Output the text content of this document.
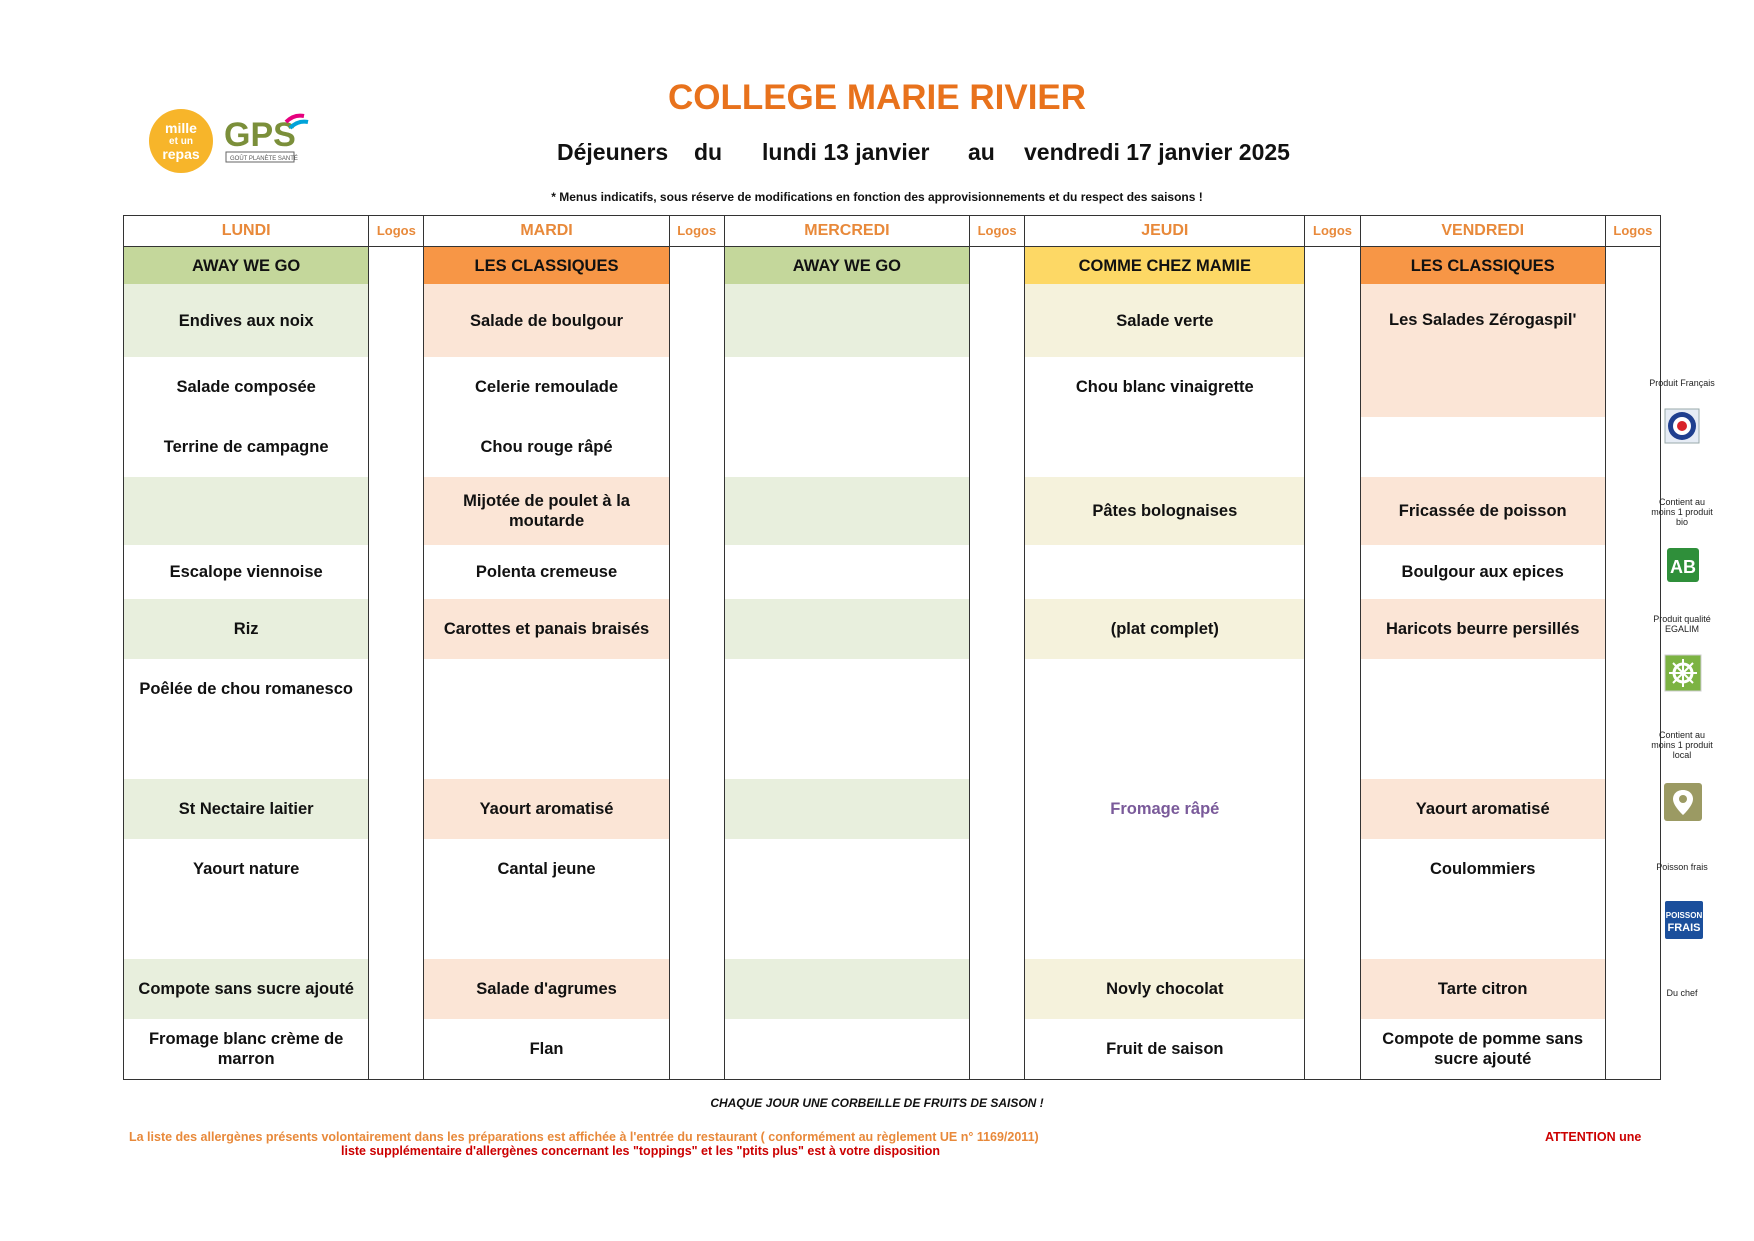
COLLEGE MARIE RIVIER
mille
et un
repas GPS
GOÛT PLANÈTE SANTÉ	Déjeuners du lundi 13 janvier au vendredi 17 janvier 2025
* Menus indicatifs, sous réserve de modifications en fonction des approvisionnements et du respect des saisons !
LUNDI	Logos	MARDI	Logos	MERCREDI	Logos	JEUDI	Logos	VENDREDI	Logos
AWAY WE GO		LES CLASSIQUES		AWAY WE GO		COMME CHEZ MAMIE		LES CLASSIQUES	
Endives aux noix		Salade de boulgour				Salade verte		Les Salades Zérogaspil'	
Salade composée		Celerie remoulade				Chou blanc vinaigrette			
Terrine de campagne		Chou rouge râpé							
		Mijotée de poulet à la moutarde				Pâtes bolognaises		Fricassée de poisson	
Escalope viennoise		Polenta cremeuse						Boulgour aux epices	
Riz		Carottes et panais braisés				(plat complet)		Haricots beurre persillés	
Poêlée de chou romanesco						Fromage râpé			
St Nectaire laitier		Yaourt aromatisé						Yaourt aromatisé	
Yaourt nature		Cantal jeune						Coulommiers	
Compote sans sucre ajouté		Salade d'agrumes				Novly chocolat		Tarte citron	
Fromage blanc crème de marron		Flan				Fruit de saison		Compote de pomme sans sucre ajouté	
Produit Français
Contient au moins 1 produit bio
AB
Produit qualité EGALIM
Contient au moins 1 produit local
Poisson frais
POISSON
FRAIS
Du chef
CHAQUE JOUR UNE CORBEILLE DE FRUITS DE SAISON !
La liste des allergènes présents volontairement dans les préparations est affichée à l'entrée du restaurant ( conformément au règlement UE n° 1169/2011)
liste supplémentaire d'allergènes concernant les "toppings" et les "ptits plus" est à votre disposition
ATTENTION une
